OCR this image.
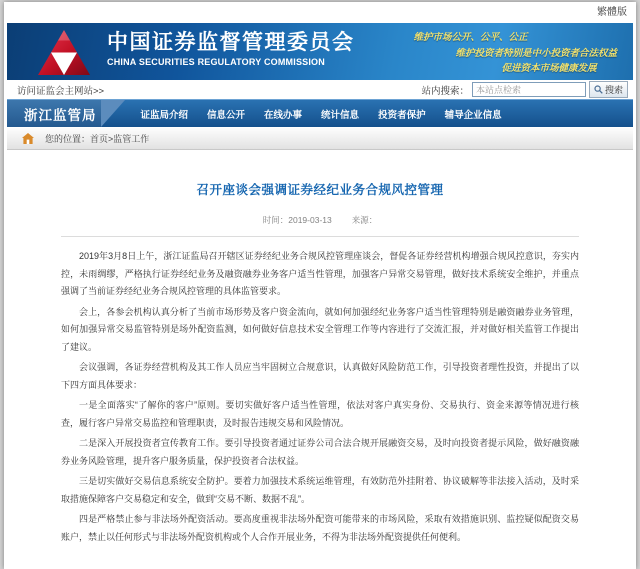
繁體版
中国证券监督管理委员会
CHINA SECURITIES REGULATORY COMMISSION
维护市场公开、公平、公正
维护投资者特别是中小投资者合法权益
促进资本市场健康发展
访问证监会主网站>>	站内搜索：
本站点检索	搜索
浙江监管局	证监局介绍 信息公开 在线办事 统计信息 投资者保护 辅导企业信息
您的位置： 首页>监管工作
召开座谈会强调证券经纪业务合规风控管理
时间：2019-03-13 来源：

2019年3月8日上午，浙江证监局召开辖区证券经纪业务合规风控管理座谈会，督促各证券经营机构增强合规风控意识，夯实内控，未雨绸缪，严格执行证券经纪业务及融资融券业务客户适当性管理，加强客户异常交易管理，做好技术系统安全维护，并重点强调了当前证券经纪业务合规风控管理的具体监管要求。

会上，各参会机构认真分析了当前市场形势及客户资金流向，就如何加强经纪业务客户适当性管理特别是融资融券业务管理，如何加强异常交易监管特别是场外配资监测，如何做好信息技术安全管理工作等内容进行了交流汇报，并对做好相关监管工作提出了建议。

会议强调，各证券经营机构及其工作人员应当牢固树立合规意识，认真做好风险防范工作，引导投资者理性投资，并提出了以下四方面具体要求：

一是全面落实“了解你的客户”原则。要切实做好客户适当性管理，依法对客户真实身份、交易执行、资金来源等情况进行核查，履行客户异常交易监控和管理职责，及时报告违规交易和风险情况。

二是深入开展投资者宣传教育工作。要引导投资者通过证券公司合法合规开展融资交易，及时向投资者提示风险，做好融资融券业务风险管理，提升客户服务质量，保护投资者合法权益。

三是切实做好交易信息系统安全防护。要着力加强技术系统运维管理，有效防范外挂附着、协议破解等非法接入活动，及时采取措施保障客户交易稳定和安全，做到“交易不断、数据不乱”。

四是严格禁止参与非法场外配资活动。要高度重视非法场外配资可能带来的市场风险，采取有效措施识别、监控疑似配资交易账户，禁止以任何形式与非法场外配资机构或个人合作开展业务，不得为非法场外配资提供任何便利。
